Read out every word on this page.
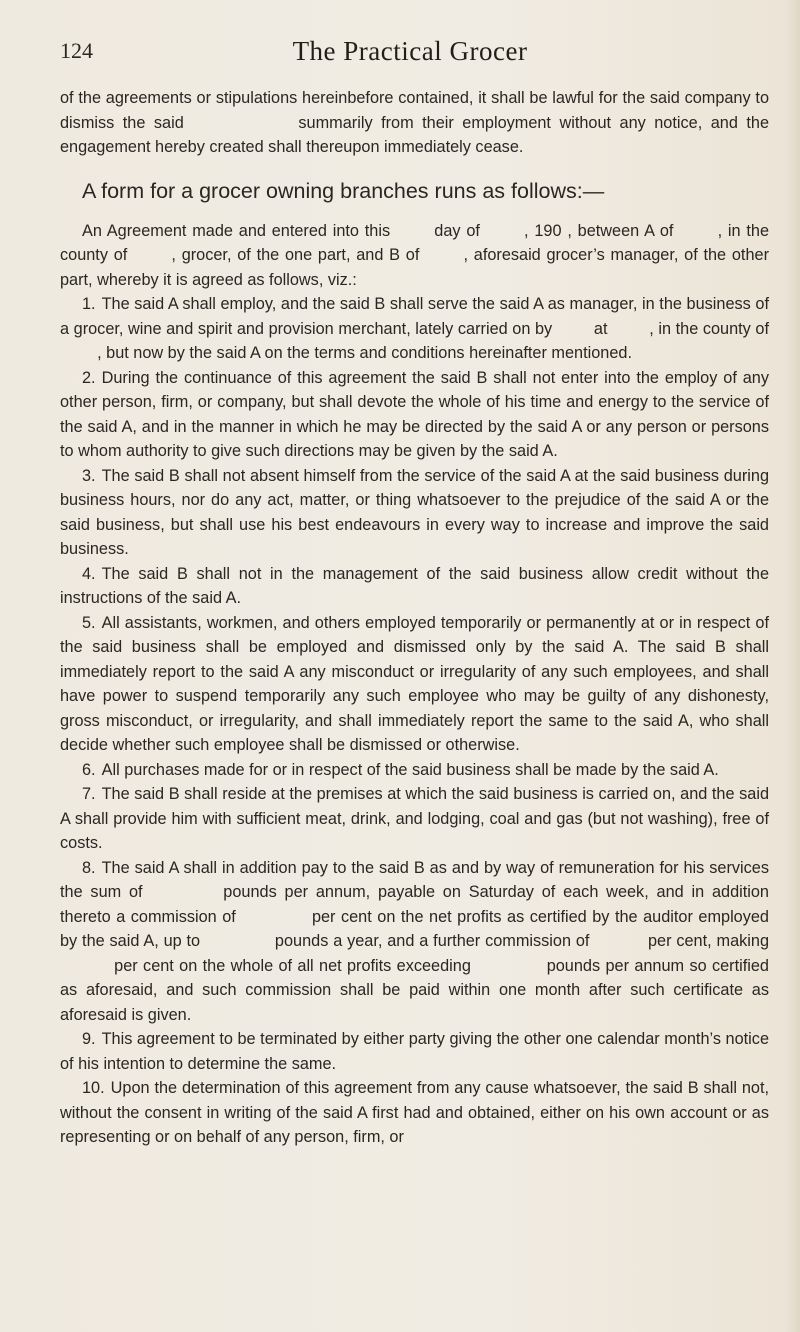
124	The Practical Grocer

of the agreements or stipulations hereinbefore contained, it shall be lawful for the said company to dismiss the said        summarily from their employment without any notice, and the engagement hereby created shall thereupon immediately cease.

A form for a grocer owning branches runs as follows:—

An Agreement made and entered into this    day of    , 190 , between A of    , in the county of    , grocer, of the one part, and B of    , aforesaid grocer’s manager, of the other part, whereby it is agreed as follows, viz.:

1. The said A shall employ, and the said B shall serve the said A as manager, in the business of a grocer, wine and spirit and provision merchant, lately carried on by    at    , in the county of    , but now by the said A on the terms and conditions hereinafter mentioned.

2. During the continuance of this agreement the said B shall not enter into the employ of any other person, firm, or company, but shall devote the whole of his time and energy to the service of the said A, and in the manner in which he may be directed by the said A or any person or persons to whom authority to give such directions may be given by the said A.

3. The said B shall not absent himself from the service of the said A at the said business during business hours, nor do any act, matter, or thing whatsoever to the prejudice of the said A or the said business, but shall use his best endeavours in every way to increase and improve the said business.

4. The said B shall not in the management of the said business allow credit without the instructions of the said A.

5. All assistants, workmen, and others employed temporarily or permanently at or in respect of the said business shall be employed and dismissed only by the said A. The said B shall immediately report to the said A any misconduct or irregularity of any such employees, and shall have power to suspend temporarily any such employee who may be guilty of any dishonesty, gross misconduct, or irregularity, and shall immediately report the same to the said A, who shall decide whether such employee shall be dismissed or otherwise.

6. All purchases made for or in respect of the said business shall be made by the said A.

7. The said B shall reside at the premises at which the said business is carried on, and the said A shall provide him with sufficient meat, drink, and lodging, coal and gas (but not washing), free of costs.

8. The said A shall in addition pay to the said B as and by way of remuneration for his services the sum of      pounds per annum, payable on Saturday of each week, and in addition thereto a commission of      per cent on the net profits as certified by the auditor employed by the said A, up to      pounds a year, and a further commission of     per cent, making     per cent on the whole of all net profits exceeding      pounds per annum so certified as aforesaid, and such commission shall be paid within one month after such certificate as aforesaid is given.

9. This agreement to be terminated by either party giving the other one calendar month’s notice of his intention to determine the same.

10. Upon the determination of this agreement from any cause whatsoever, the said B shall not, without the consent in writing of the said A first had and obtained, either on his own account or as representing or on behalf of any person, firm, or
